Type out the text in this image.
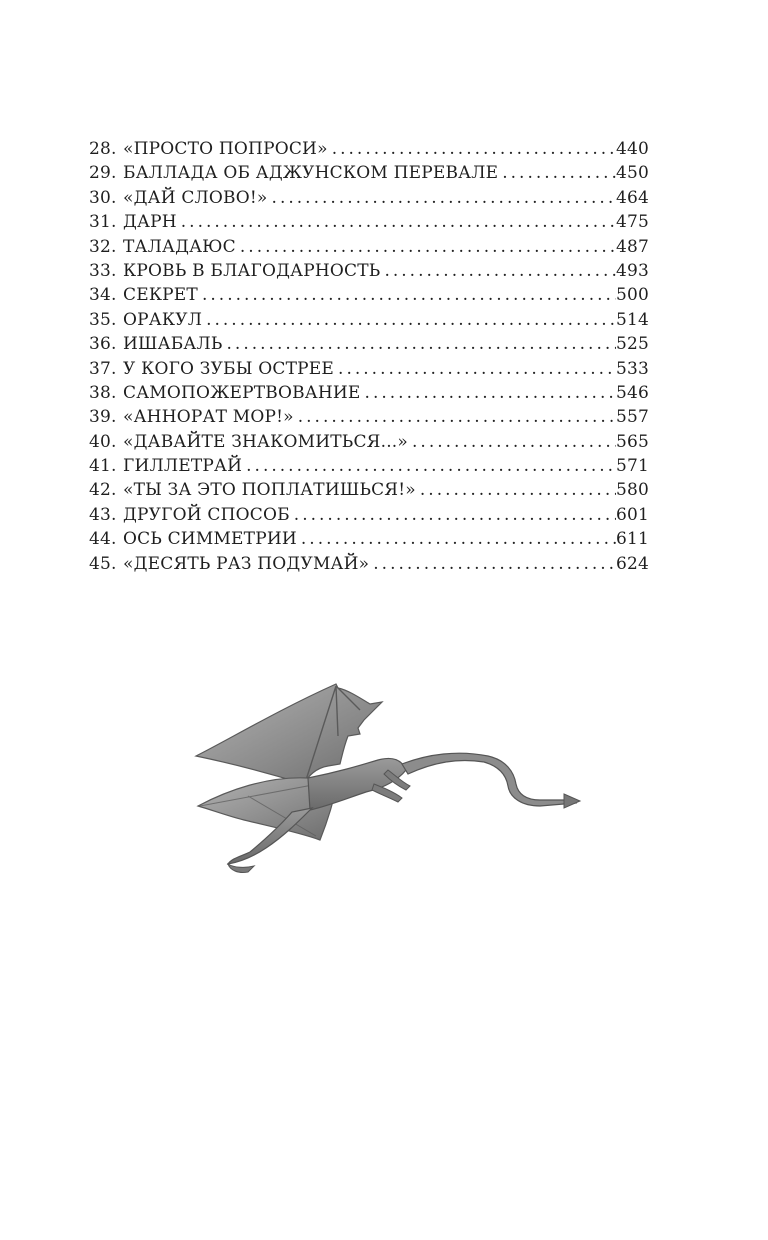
28. «ПРОСТО ПОПРОСИ» . . .	440
29. БАЛЛАДА ОБ АДЖУНСКОМ ПЕРЕВАЛЕ . . .	450
30. «ДАЙ СЛОВО!» . . .	464
31. ДАРН . . .	475
32. ТАЛАДАЮС . . .	487
33. КРОВЬ В БЛАГОДАРНОСТЬ . . .	493
34. СЕКРЕТ . . .	500
35. ОРАКУЛ . . .	514
36. ИШАБАЛЬ . . .	525
37. У КОГО ЗУБЫ ОСТРЕЕ . . .	533
38. САМОПОЖЕРТВОВАНИЕ . . .	546
39. «АННОРАТ МОР!» . . .	557
40. «ДАВАЙТЕ ЗНАКОМИТЬСЯ...» . . .	565
41. ГИЛЛЕТРАЙ . . .	571
42. «ТЫ ЗА ЭТО ПОПЛАТИШЬСЯ!» . . .	580
43. ДРУГОЙ СПОСОБ . . .	601
44. ОСЬ СИММЕТРИИ . . .	611
45. «ДЕСЯТЬ РАЗ ПОДУМАЙ» . . .	624
